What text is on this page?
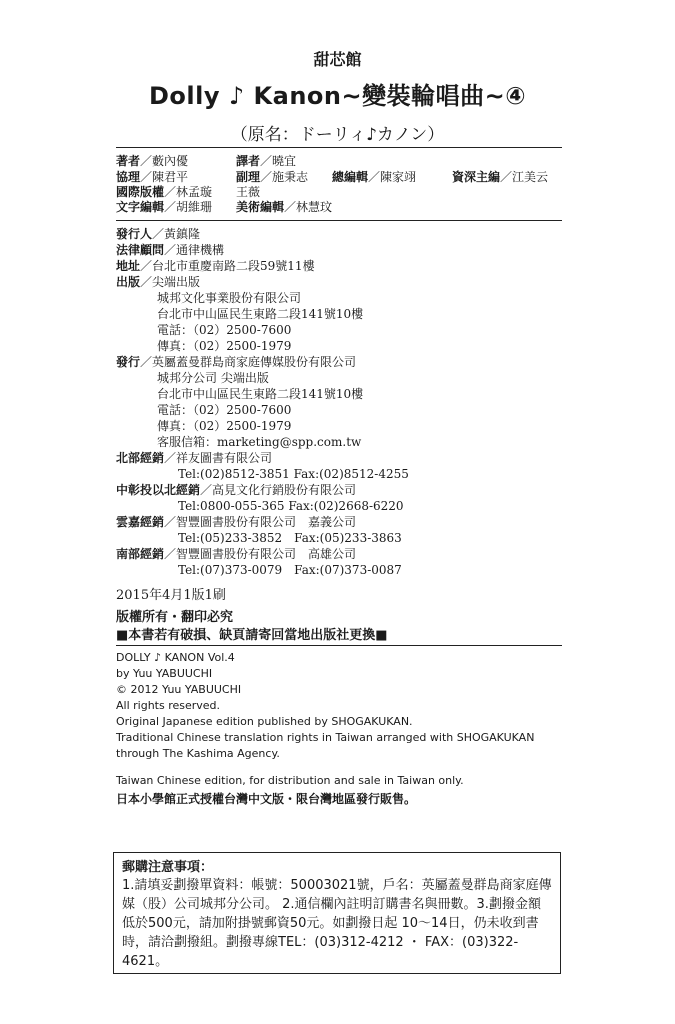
甜芯館
Dolly ♪ Kanon~變裝輪唱曲~④
（原名：ドーリィ♪カノン）
著者／藪內優	譯者／曉宜
協理／陳君平	副理／施秉志 總編輯／陳家翊	資深主編／江美云
國際版權／林孟璇 王薇
文字編輯／胡維珊 美術編輯／林慧玟
發行人／黃鎮隆
法律顧問／通律機構
地址／台北市重慶南路二段59號11樓
出版／尖端出版
城邦文化事業股份有限公司
台北市中山區民生東路二段141號10樓
電話：（02）2500-7600
傳真：（02）2500-1979
發行／英屬蓋曼群島商家庭傳媒股份有限公司
城邦分公司 尖端出版
台北市中山區民生東路二段141號10樓
電話：（02）2500-7600
傳真：（02）2500-1979
客服信箱：marketing@spp.com.tw
北部經銷／祥友圖書有限公司
Tel:(02)8512-3851 Fax:(02)8512-4255
中彰投以北經銷／高見文化行銷股份有限公司
Tel:0800-055-365 Fax:(02)2668-6220
雲嘉經銷／智豐圖書股份有限公司　嘉義公司
Tel:(05)233-3852　Fax:(05)233-3863
南部經銷／智豐圖書股份有限公司　高雄公司
Tel:(07)373-0079　Fax:(07)373-0087
2015年4月1版1刷
版權所有・翻印必究
■本書若有破損、缺頁請寄回當地出版社更換■
DOLLY ♪ KANON Vol.4
by Yuu YABUUCHI
© 2012 Yuu YABUUCHI
All rights reserved.
Original Japanese edition published by SHOGAKUKAN.
Traditional Chinese translation rights in Taiwan arranged with SHOGAKUKAN
through The Kashima Agency.
Taiwan Chinese edition, for distribution and sale in Taiwan only.
日本小學館正式授權台灣中文版・限台灣地區發行販售。
郵購注意事項：
1.請填妥劃撥單資料：帳號：50003021號，戶名：英屬蓋曼群島商家庭傳媒（股）公司城邦分公司。 2.通信欄內註明訂購書名與冊數。3.劃撥金額低於500元，請加附掛號郵資50元。如劃撥日起 10～14日，仍未收到書時，請洽劃撥組。劃撥專線TEL：(03)312-4212 ・ FAX：(03)322-4621。
